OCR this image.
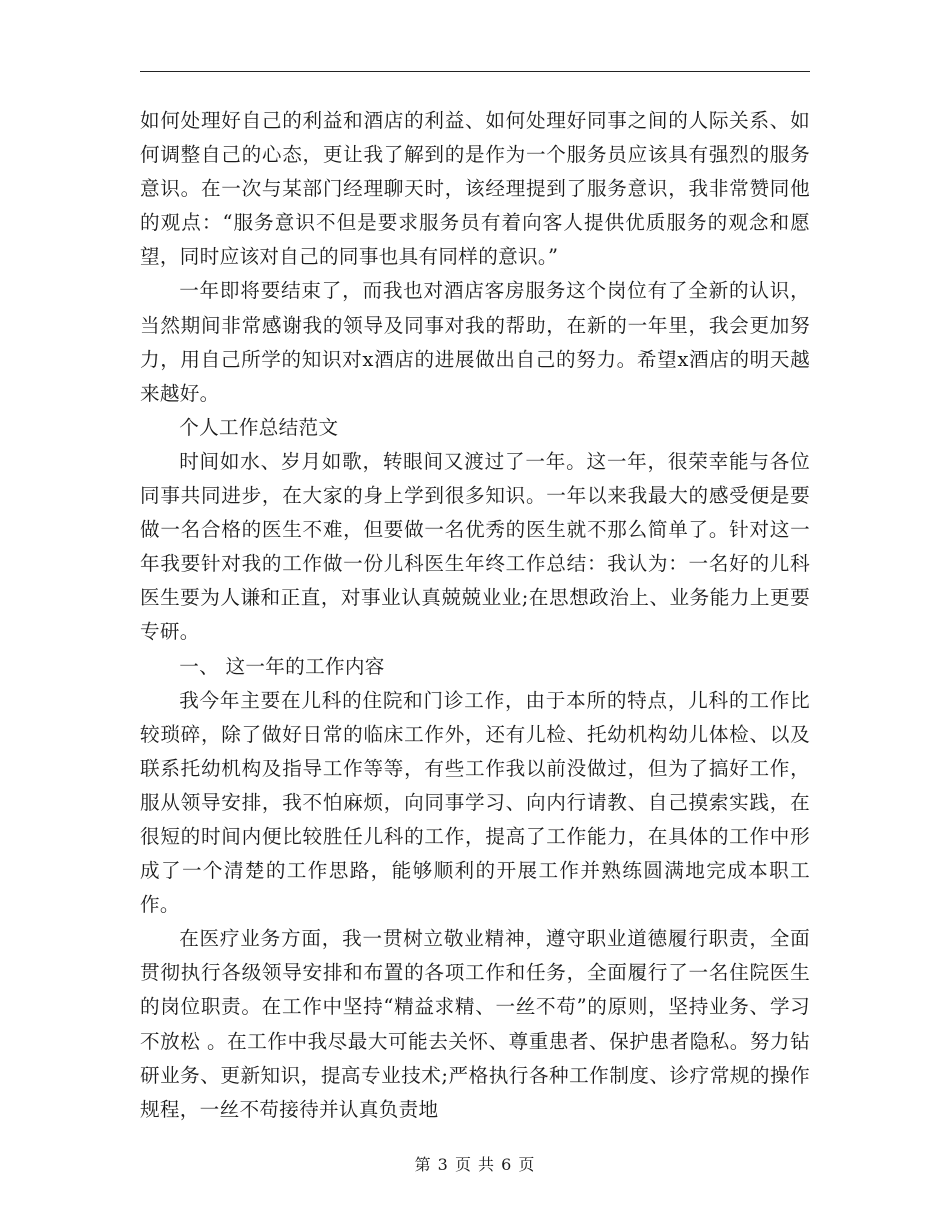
如何处理好自己的利益和酒店的利益、如何处理好同事之间的人际关系、如何调整自己的心态，更让我了解到的是作为一个服务员应该具有强烈的服务意识。在一次与某部门经理聊天时，该经理提到了服务意识，我非常赞同他的观点：“服务意识不但是要求服务员有着向客人提供优质服务的观念和愿望，同时应该对自己的同事也具有同样的意识。”

一年即将要结束了，而我也对酒店客房服务这个岗位有了全新的认识，当然期间非常感谢我的领导及同事对我的帮助，在新的一年里，我会更加努力，用自己所学的知识对x酒店的进展做出自己的努力。希望x酒店的明天越来越好。

个人工作总结范文

时间如水、岁月如歌，转眼间又渡过了一年。这一年，很荣幸能与各位同事共同进步，在大家的身上学到很多知识。一年以来我最大的感受便是要做一名合格的医生不难，但要做一名优秀的医生就不那么简单了。针对这一年我要针对我的工作做一份儿科医生年终工作总结：我认为：一名好的儿科医生要为人谦和正直，对事业认真兢兢业业;在思想政治上、业务能力上更要专研。

一、 这一年的工作内容

我今年主要在儿科的住院和门诊工作，由于本所的特点，儿科的工作比较琐碎，除了做好日常的临床工作外，还有儿检、托幼机构幼儿体检、以及联系托幼机构及指导工作等等，有些工作我以前没做过，但为了搞好工作，服从领导安排，我不怕麻烦，向同事学习、向内行请教、自己摸索实践，在很短的时间内便比较胜任儿科的工作，提高了工作能力，在具体的工作中形成了一个清楚的工作思路，能够顺利的开展工作并熟练圆满地完成本职工作。

在医疗业务方面，我一贯树立敬业精神，遵守职业道德履行职责，全面贯彻执行各级领导安排和布置的各项工作和任务，全面履行了一名住院医生的岗位职责。在工作中坚持“精益求精、一丝不苟”的原则，坚持业务、学习不放松 。在工作中我尽最大可能去关怀、尊重患者、保护患者隐私。努力钻研业务、更新知识，提高专业技术;严格执行各种工作制度、诊疗常规的操作规程，一丝不苟接待并认真负责地

第 3 页 共 6 页
